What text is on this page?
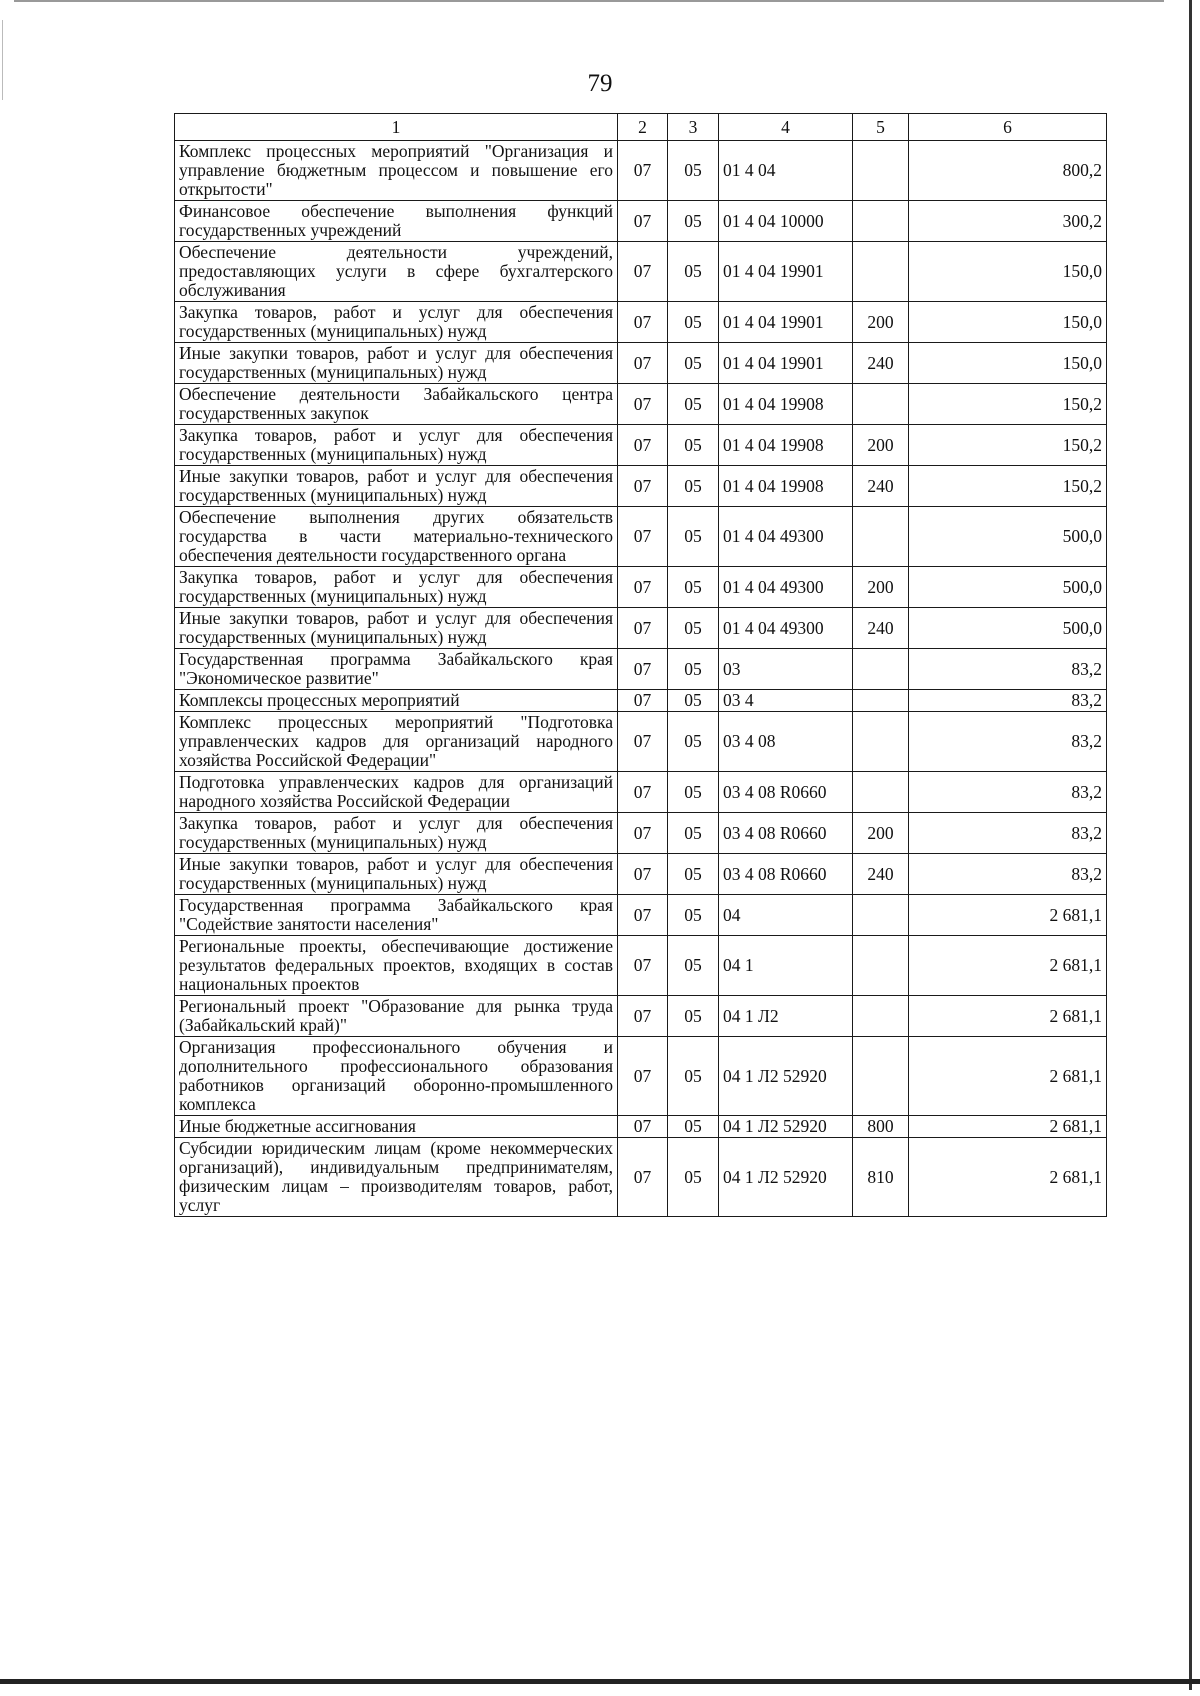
79
1	2	3	4	5	6
Комплекс процессных мероприятий "Организация и управление бюджетным процессом и повышение его открытости"	07	05	01 4 04		800,2
Финансовое обеспечение выполнения функций государственных учреждений	07	05	01 4 04 10000		300,2
Обеспечение деятельности учреждений, предоставляющих услуги в сфере бухгалтерского обслуживания	07	05	01 4 04 19901		150,0
Закупка товаров, работ и услуг для обеспечения государственных (муниципальных) нужд	07	05	01 4 04 19901	200	150,0
Иные закупки товаров, работ и услуг для обеспечения государственных (муниципальных) нужд	07	05	01 4 04 19901	240	150,0
Обеспечение деятельности Забайкальского центра государственных закупок	07	05	01 4 04 19908		150,2
Закупка товаров, работ и услуг для обеспечения государственных (муниципальных) нужд	07	05	01 4 04 19908	200	150,2
Иные закупки товаров, работ и услуг для обеспечения государственных (муниципальных) нужд	07	05	01 4 04 19908	240	150,2
Обеспечение выполнения других обязательств государства в части материально-технического обеспечения деятельности государственного органа	07	05	01 4 04 49300		500,0
Закупка товаров, работ и услуг для обеспечения государственных (муниципальных) нужд	07	05	01 4 04 49300	200	500,0
Иные закупки товаров, работ и услуг для обеспечения государственных (муниципальных) нужд	07	05	01 4 04 49300	240	500,0
Государственная программа Забайкальского края "Экономическое развитие"	07	05	03		83,2
Комплексы процессных мероприятий	07	05	03 4		83,2
Комплекс процессных мероприятий "Подготовка управленческих кадров для организаций народного хозяйства Российской Федерации"	07	05	03 4 08		83,2
Подготовка управленческих кадров для организаций народного хозяйства Российской Федерации	07	05	03 4 08 R0660		83,2
Закупка товаров, работ и услуг для обеспечения государственных (муниципальных) нужд	07	05	03 4 08 R0660	200	83,2
Иные закупки товаров, работ и услуг для обеспечения государственных (муниципальных) нужд	07	05	03 4 08 R0660	240	83,2
Государственная программа Забайкальского края "Содействие занятости населения"	07	05	04		2 681,1
Региональные проекты, обеспечивающие достижение результатов федеральных проектов, входящих в состав национальных проектов	07	05	04 1		2 681,1
Региональный проект "Образование для рынка труда (Забайкальский край)"	07	05	04 1 Л2		2 681,1
Организация профессионального обучения и дополнительного профессионального образования работников организаций оборонно-промышленного комплекса	07	05	04 1 Л2 52920		2 681,1
Иные бюджетные ассигнования	07	05	04 1 Л2 52920	800	2 681,1
Субсидии юридическим лицам (кроме некоммерческих организаций), индивидуальным предпринимателям, физическим лицам – производителям товаров, работ, услуг	07	05	04 1 Л2 52920	810	2 681,1
